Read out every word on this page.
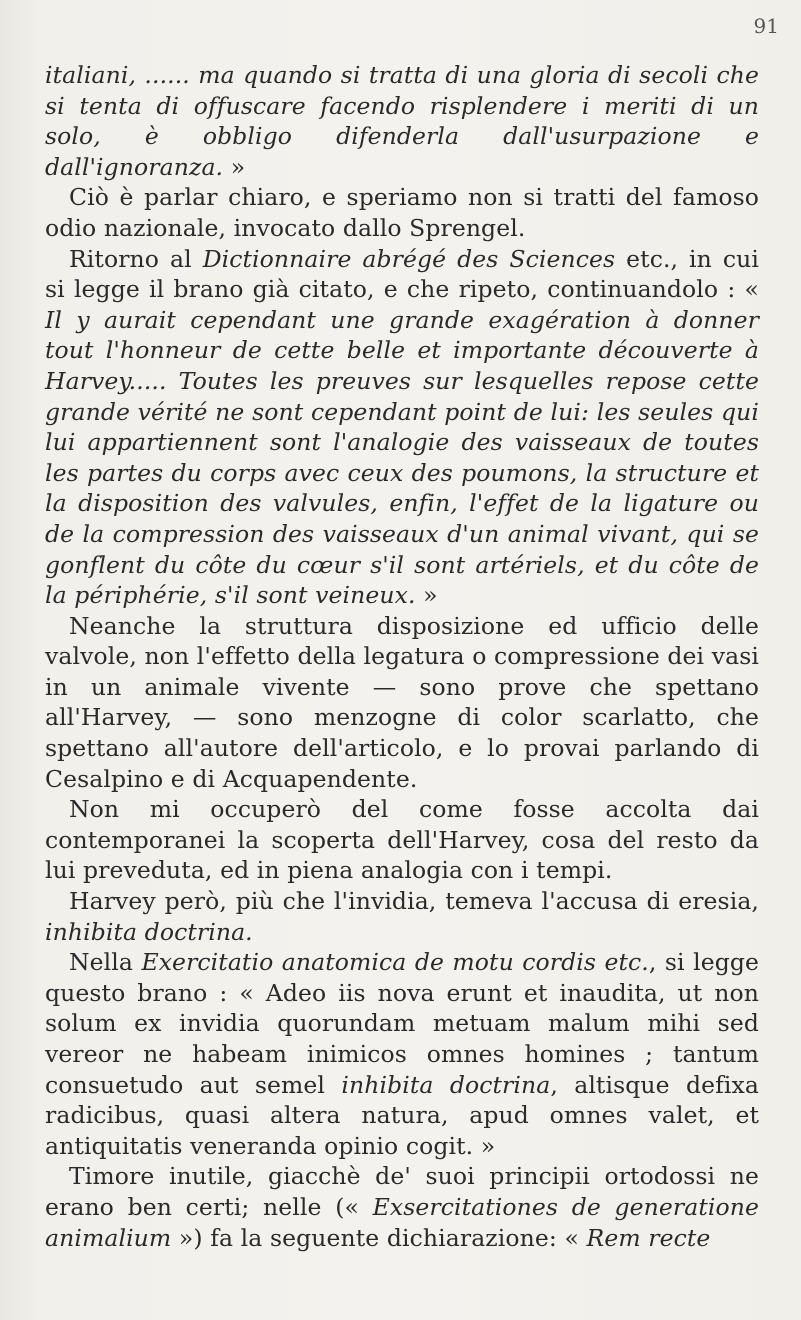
91

italiani, ...... ma quando si tratta di una gloria di secoli che si tenta di offuscare facendo risplendere i meriti di un solo, è obbligo difenderla dall'usurpazione e dall'ignoranza. »

Ciò è parlar chiaro, e speriamo non si tratti del famoso odio nazionale, invocato dallo Sprengel.

Ritorno al Dictionnaire abrégé des Sciences etc., in cui si legge il brano già citato, e che ripeto, continuandolo : « Il y aurait cependant une grande exagération à donner tout l'honneur de cette belle et importante découverte à Harvey..... Toutes les preuves sur lesquelles repose cette grande vérité ne sont cependant point de lui: les seules qui lui appartiennent sont l'analogie des vaisseaux de toutes les partes du corps avec ceux des poumons, la structure et la disposition des valvules, enfin, l'effet de la ligature ou de la compression des vaisseaux d'un animal vivant, qui se gonflent du côte du cœur s'il sont artériels, et du côte de la périphérie, s'il sont veineux. »

Neanche la struttura disposizione ed ufficio delle valvole, non l'effetto della legatura o compressione dei vasi in un animale vivente — sono prove che spettano all'Harvey, — sono menzogne di color scarlatto, che spettano all'autore dell'articolo, e lo provai parlando di Cesalpino e di Acquapendente.

Non mi occuperò del come fosse accolta dai contemporanei la scoperta dell'Harvey, cosa del resto da lui preveduta, ed in piena analogia con i tempi.

Harvey però, più che l'invidia, temeva l'accusa di eresia, inhibita doctrina.

Nella Exercitatio anatomica de motu cordis etc., si legge questo brano : « Adeo iis nova erunt et inaudita, ut non solum ex invidia quorundam metuam malum mihi sed vereor ne habeam inimicos omnes homines ; tantum consuetudo aut semel inhibita doctrina, altisque defixa radicibus, quasi altera natura, apud omnes valet, et antiquitatis veneranda opinio cogit. »

Timore inutile, giacchè de' suoi principii ortodossi ne erano ben certi; nelle (« Exsercitationes de generatione animalium ») fa la seguente dichiarazione: « Rem recte
